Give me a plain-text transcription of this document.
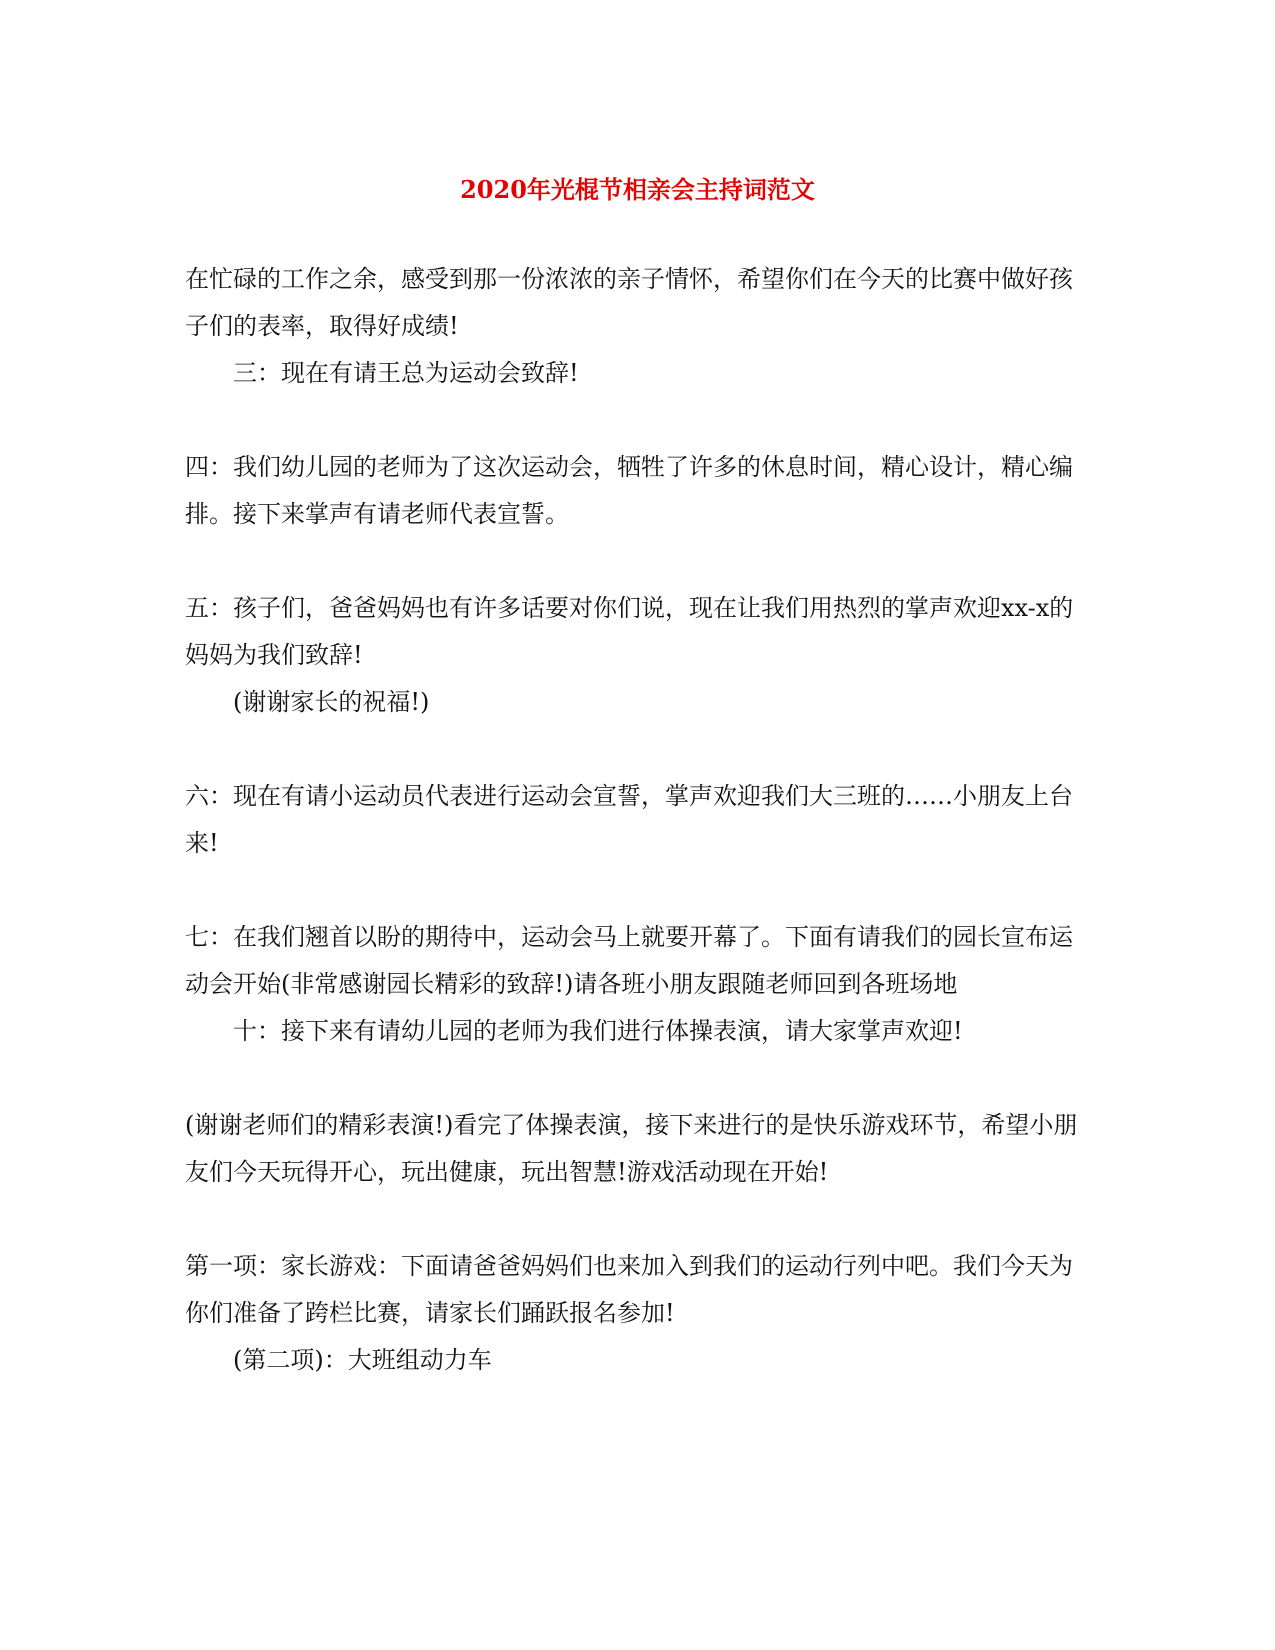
2020年光棍节相亲会主持词范文

在忙碌的工作之余，感受到那一份浓浓的亲子情怀，希望你们在今天的比赛中做好孩子们的表率，取得好成绩!

三：现在有请王总为运动会致辞!

四：我们幼儿园的老师为了这次运动会，牺牲了许多的休息时间，精心设计，精心编排。接下来掌声有请老师代表宣誓。

五：孩子们，爸爸妈妈也有许多话要对你们说，现在让我们用热烈的掌声欢迎xx-x的妈妈为我们致辞!

(谢谢家长的祝福!)

六：现在有请小运动员代表进行运动会宣誓，掌声欢迎我们大三班的……小朋友上台来!

七：在我们翘首以盼的期待中，运动会马上就要开幕了。下面有请我们的园长宣布运动会开始(非常感谢园长精彩的致辞!)请各班小朋友跟随老师回到各班场地

十：接下来有请幼儿园的老师为我们进行体操表演，请大家掌声欢迎!

(谢谢老师们的精彩表演!)看完了体操表演，接下来进行的是快乐游戏环节，希望小朋友们今天玩得开心，玩出健康，玩出智慧!游戏活动现在开始!

第一项：家长游戏：下面请爸爸妈妈们也来加入到我们的运动行列中吧。我们今天为你们准备了跨栏比赛，请家长们踊跃报名参加!

(第二项)：大班组动力车
